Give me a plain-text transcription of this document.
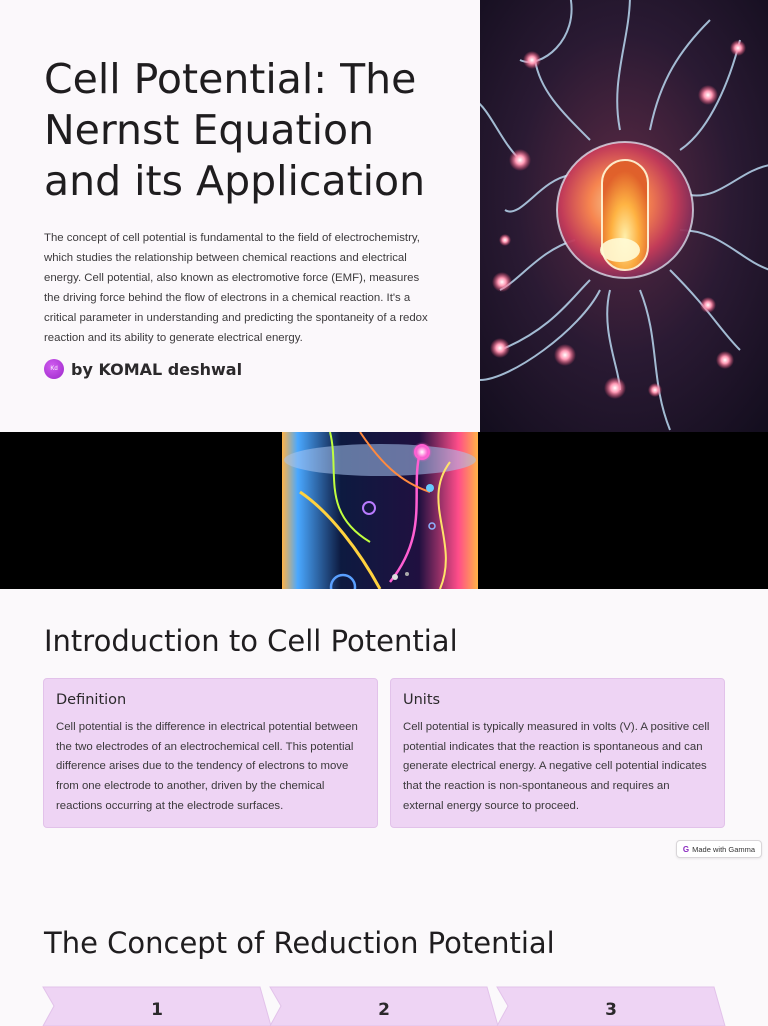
Cell Potential: The Nernst Equation and its Application

The concept of cell potential is fundamental to the field of electrochemistry, which studies the relationship between chemical reactions and electrical energy. Cell potential, also known as electromotive force (EMF), measures the driving force behind the flow of electrons in a chemical reaction. It's a critical parameter in understanding and predicting the spontaneity of a redox reaction and its ability to generate electrical energy.

Kd by KOMAL deshwal
Introduction to Cell Potential
Definition

Cell potential is the difference in electrical potential between the two electrodes of an electrochemical cell. This potential difference arises due to the tendency of electrons to move from one electrode to another, driven by the chemical reactions occurring at the electrode surfaces.

Units

Cell potential is typically measured in volts (V). A positive cell potential indicates that the reaction is spontaneous and can generate electrical energy. A negative cell potential indicates that the reaction is non-spontaneous and requires an external energy source to proceed.

G Made with Gamma
The Concept of Reduction Potential
1	2	3
